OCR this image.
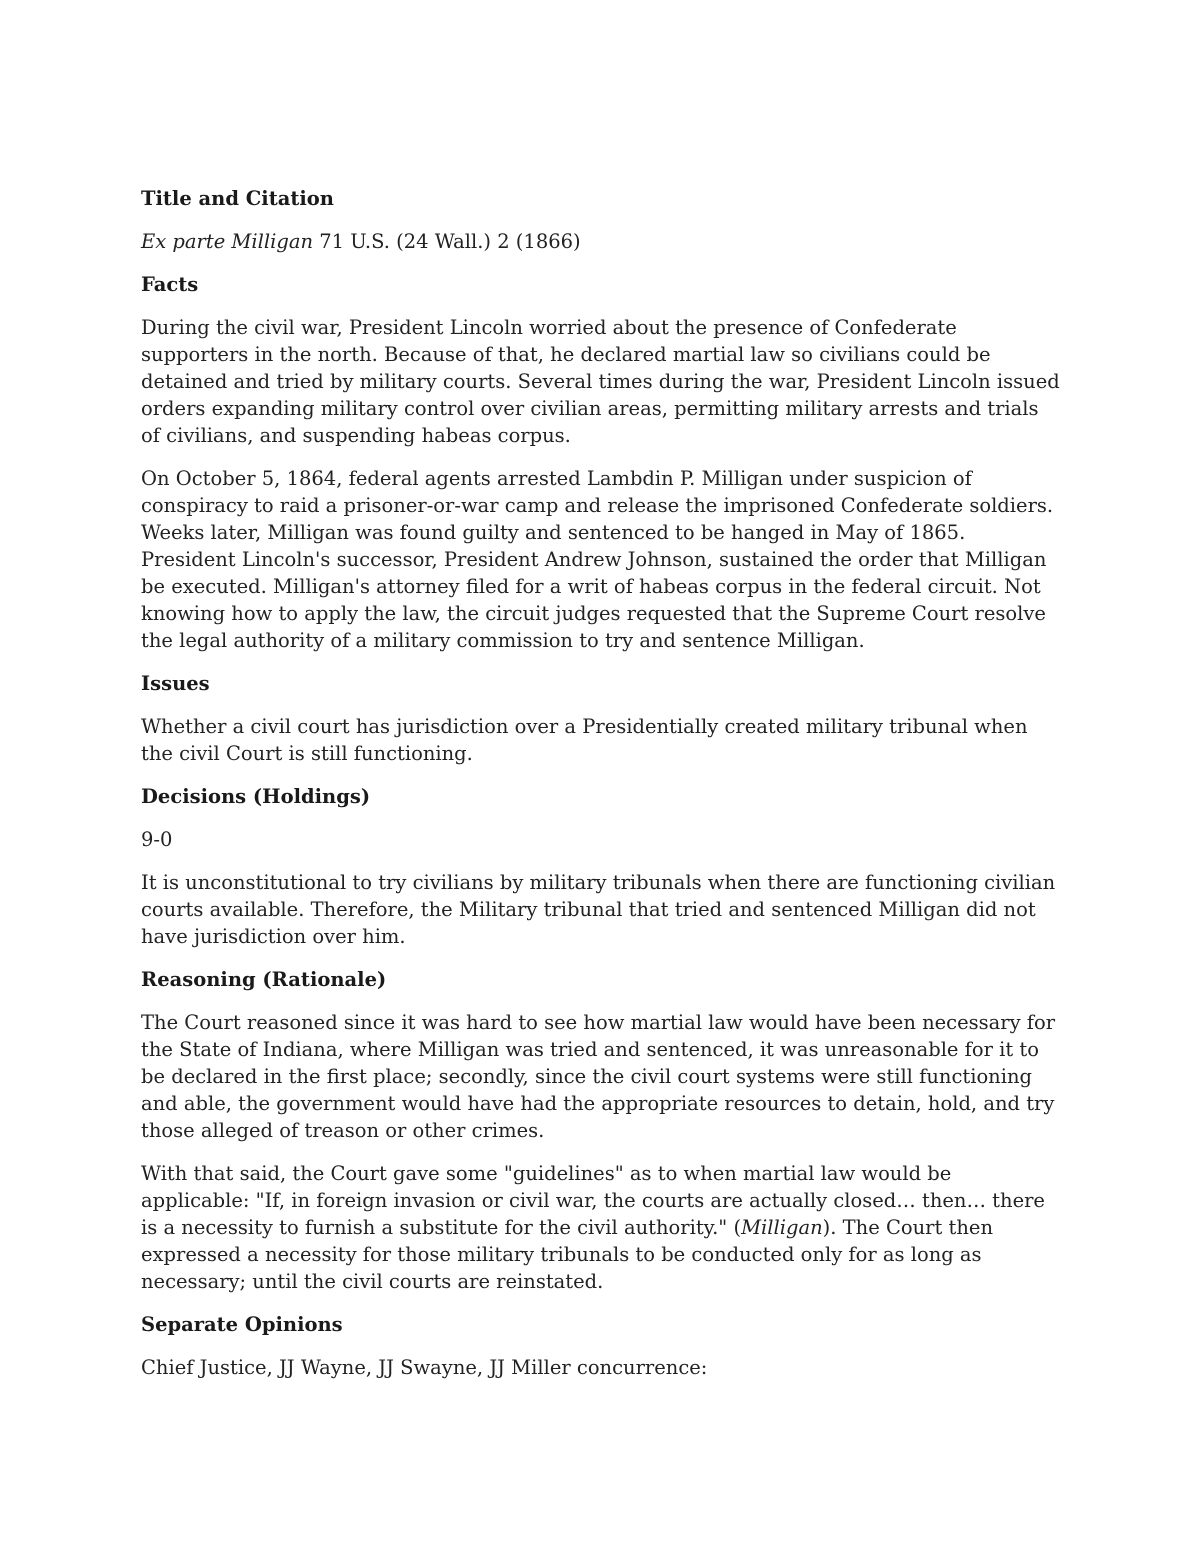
Title and Citation

Ex parte Milligan 71 U.S. (24 Wall.) 2 (1866)

Facts

During the civil war, President Lincoln worried about the presence of Confederate supporters in the north. Because of that, he declared martial law so civilians could be detained and tried by military courts. Several times during the war, President Lincoln issued orders expanding military control over civilian areas, permitting military arrests and trials of civilians, and suspending habeas corpus.

On October 5, 1864, federal agents arrested Lambdin P. Milligan under suspicion of conspiracy to raid a prisoner-or-war camp and release the imprisoned Confederate soldiers. Weeks later, Milligan was found guilty and sentenced to be hanged in May of 1865. President Lincoln's successor, President Andrew Johnson, sustained the order that Milligan be executed. Milligan's attorney filed for a writ of habeas corpus in the federal circuit. Not knowing how to apply the law, the circuit judges requested that the Supreme Court resolve the legal authority of a military commission to try and sentence Milligan.

Issues

Whether a civil court has jurisdiction over a Presidentially created military tribunal when the civil Court is still functioning.

Decisions (Holdings)

9-0

It is unconstitutional to try civilians by military tribunals when there are functioning civilian courts available. Therefore, the Military tribunal that tried and sentenced Milligan did not have jurisdiction over him.

Reasoning (Rationale)

The Court reasoned since it was hard to see how martial law would have been necessary for the State of Indiana, where Milligan was tried and sentenced, it was unreasonable for it to be declared in the first place; secondly, since the civil court systems were still functioning and able, the government would have had the appropriate resources to detain, hold, and try those alleged of treason or other crimes.

With that said, the Court gave some "guidelines" as to when martial law would be applicable: "If, in foreign invasion or civil war, the courts are actually closed… then… there is a necessity to furnish a substitute for the civil authority." (Milligan). The Court then expressed a necessity for those military tribunals to be conducted only for as long as necessary; until the civil courts are reinstated.

Separate Opinions

Chief Justice, JJ Wayne, JJ Swayne, JJ Miller concurrence:
